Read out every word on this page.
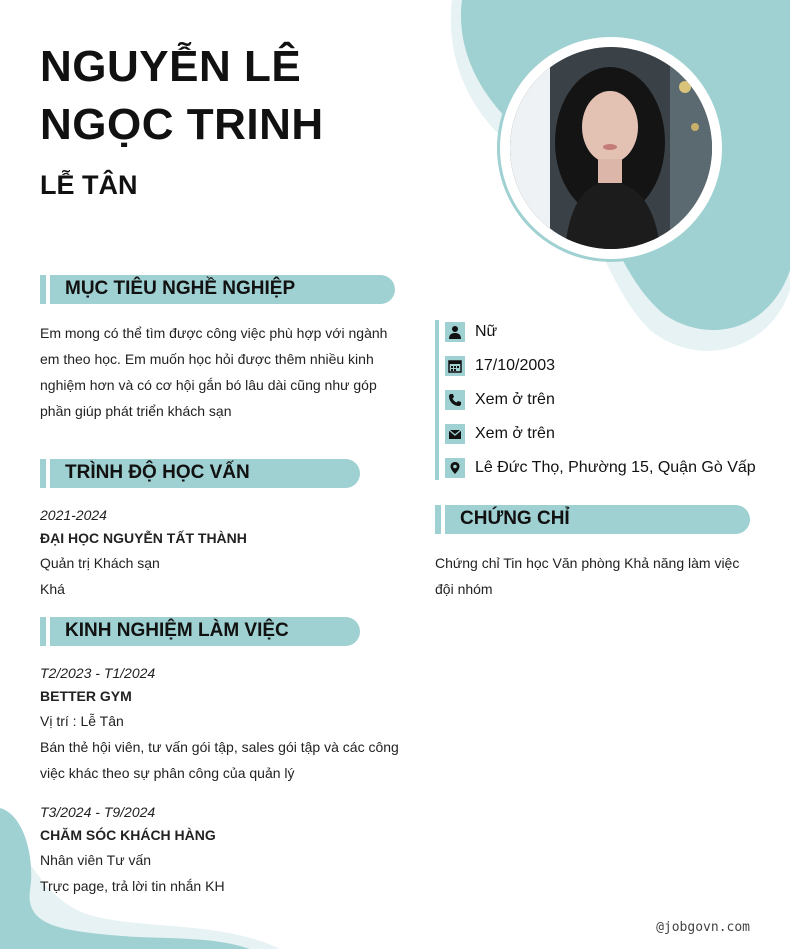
NGUYỄN LÊ
NGỌC TRINH
LỄ TÂN
MỤC TIÊU NGHỀ NGHIỆP
Em mong có thể tìm được công việc phù hợp với ngành
em theo học. Em muốn học hỏi được thêm nhiều kinh
nghiệm hơn và có cơ hội gắn bó lâu dài cũng như góp
phần giúp phát triển khách sạn
TRÌNH ĐỘ HỌC VẤN
2021-2024
ĐẠI HỌC NGUYỄN TẤT THÀNH
Quản trị Khách sạn
Khá
KINH NGHIỆM LÀM VIỆC
T2/2023 - T1/2024
BETTER GYM
Vị trí : Lễ Tân
Bán thẻ hội viên, tư vấn gói tập, sales gói tập và các công
việc khác theo sự phân công của quản lý
T3/2024 - T9/2024
CHĂM SÓC KHÁCH HÀNG
Nhân viên Tư vấn
Trực page, trả lời tin nhắn KH
Nữ
17/10/2003
Xem ở trên
Xem ở trên
Lê Đức Thọ, Phường 15, Quận Gò Vấp
CHỨNG CHỈ
Chứng chỉ Tin học Văn phòng Khả năng làm việc
đội nhóm
@jobgovn.com
